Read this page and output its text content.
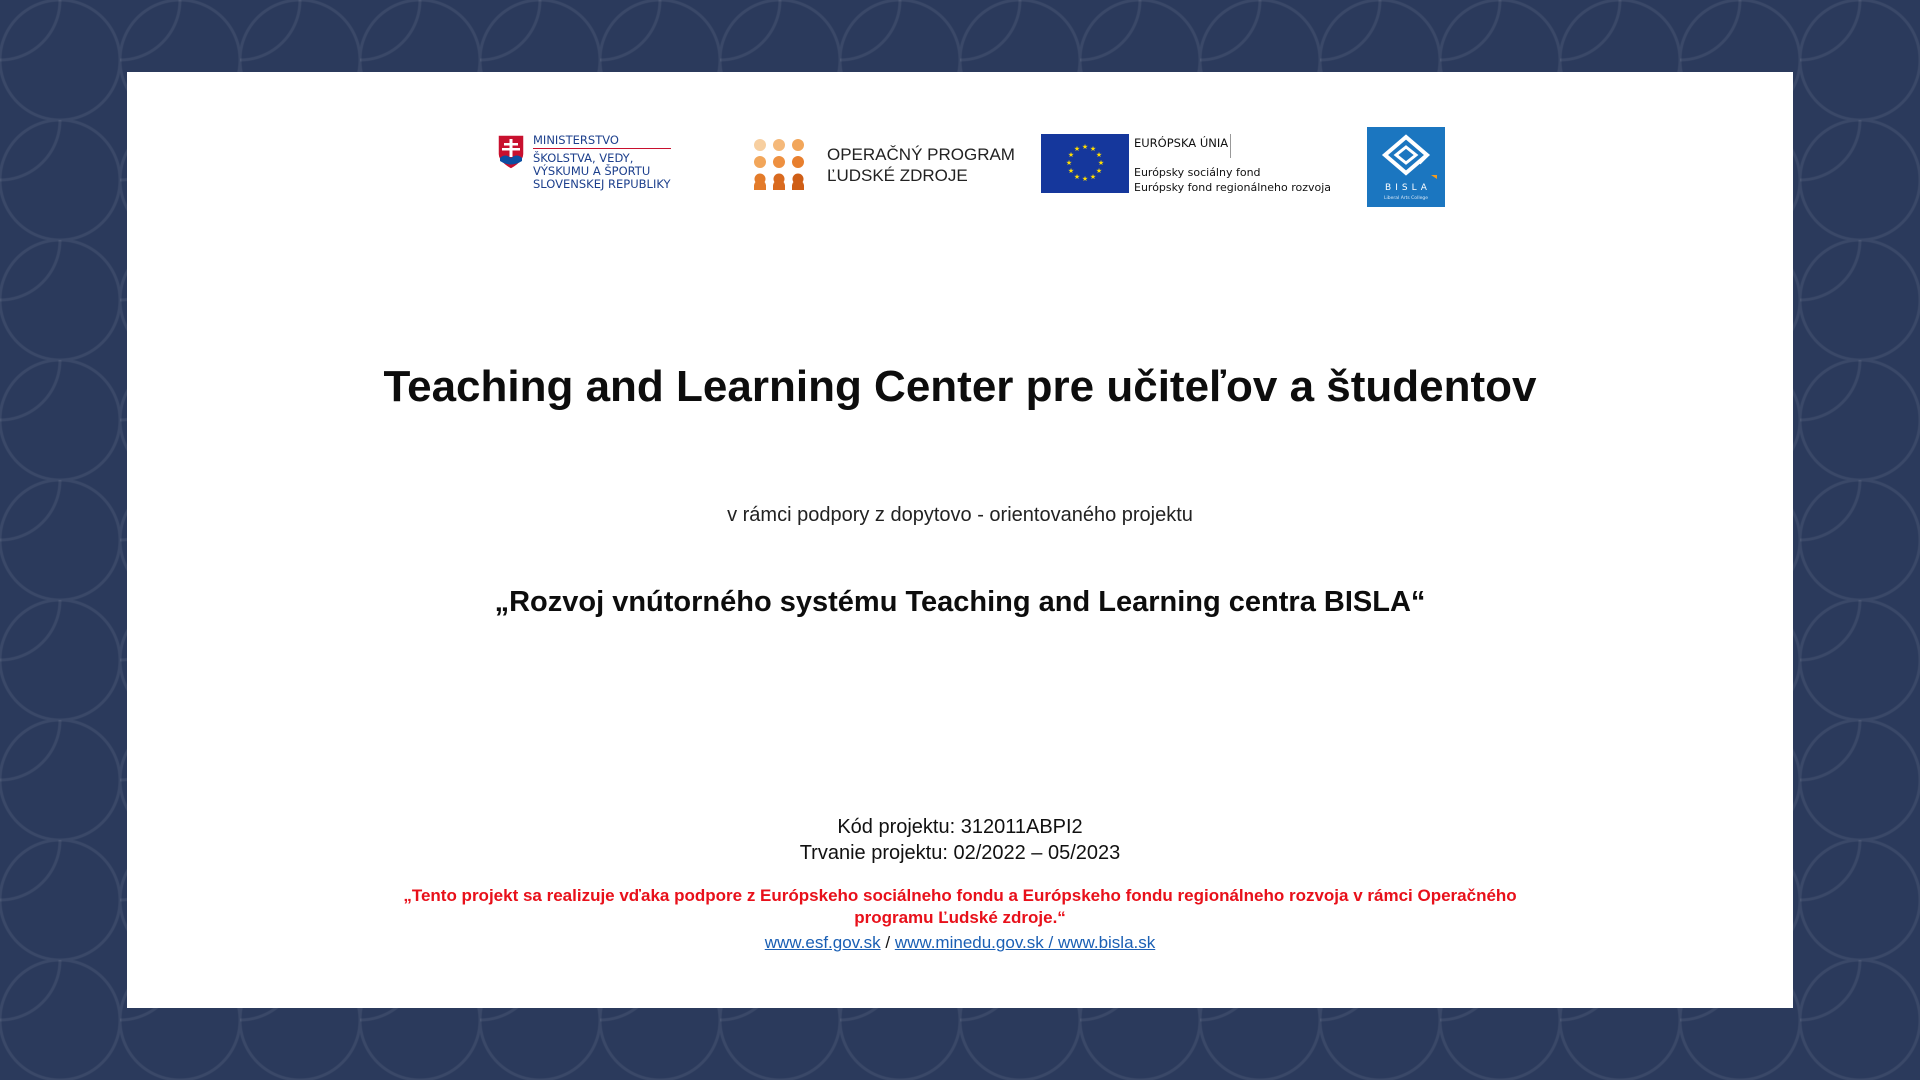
MINISTERSTVO
ŠKOLSTVA, VEDY,
VÝSKUMU A ŠPORTU
SLOVENSKEJ REPUBLIKY
OPERAČNÝ PROGRAM
ĽUDSKÉ ZDROJE
★ ★
★
★
★
★
★
★
★
★
★
★	EURÓPSKA ÚNIA
Európsky sociálny fond
Európsky fond regionálneho rozvoja	BISLA
Liberal Arts College
Teaching and Learning Center pre učiteľov a študentov
v rámci podpory z dopytovo - orientovaného projektu
„Rozvoj vnútorného systému Teaching and Learning centra BISLA“
Kód projektu: 312011ABPI2
Trvanie projektu: 02/2022 – 05/2023
„Tento projekt sa realizuje vďaka podpore z Európskeho sociálneho fondu a Európskeho fondu regionálneho rozvoja v rámci Operačného programu Ľudské zdroje.“
www.esf.gov.sk / www.minedu.gov.sk / www.bisla.sk
